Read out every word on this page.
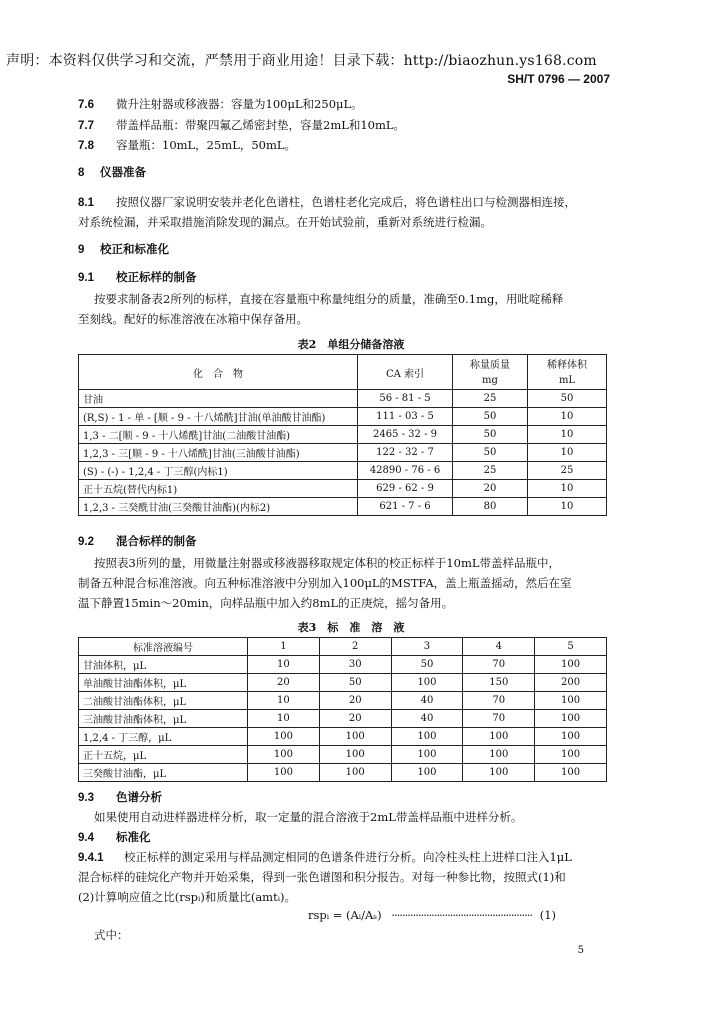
声明：本资料仅供学习和交流，严禁用于商业用途！目录下载：http://biaozhun.ys168.com
SH/T 0796 — 2007
7.6 微升注射器或移液器：容量为100μL和250μL。
7.7 带盖样品瓶：带聚四氟乙烯密封垫，容量2mL和10mL。
7.8 容量瓶：10mL，25mL，50mL。
8 仪器准备
8.1 按照仪器厂家说明安装并老化色谱柱，色谱柱老化完成后，将色谱柱出口与检测器相连接，
对系统检漏，并采取措施消除发现的漏点。在开始试验前，重新对系统进行检漏。
9 校正和标准化
9.1 校正标样的制备
按要求制备表2所列的标样，直接在容量瓶中称量纯组分的质量，准确至0.1mg，用吡啶稀释
至刻线。配好的标准溶液在冰箱中保存备用。
表2　单组分储备溶液
化　合　物	CA 索引	称量质量	稀释体积
		mg	mL
甘油	56 - 81 - 5	25	50
(R,S) - 1 - 单 - [顺 - 9 - 十八烯酰]甘油(单油酸甘油酯)	111 - 03 - 5	50	10
1,3 - 二[顺 - 9 - 十八烯酰]甘油(二油酸甘油酯)	2465 - 32 - 9	50	10
1,2,3 - 三[顺 - 9 - 十八烯酰]甘油(三油酸甘油酯)	122 - 32 - 7	50	10
(S) - (-) - 1,2,4 - 丁三醇(内标1)	42890 - 76 - 6	25	25
正十五烷(替代内标1)	629 - 62 - 9	20	10
1,2,3 - 三癸酰甘油(三癸酸甘油酯)(内标2)	621 - 7 - 6	80	10
9.2 混合标样的制备
按照表3所列的量，用微量注射器或移液器移取规定体积的校正标样于10mL带盖样品瓶中，
制备五种混合标准溶液。向五种标准溶液中分别加入100μL的MSTFA，盖上瓶盖摇动，然后在室
温下静置15min～20min，向样品瓶中加入约8mL的正庚烷，摇匀备用。
表3　标　准　溶　液
标准溶液编号	1	2	3	4	5
甘油体积，μL	10	30	50	70	100
单油酸甘油酯体积，μL	20	50	100	150	200
二油酸甘油酯体积，μL	10	20	40	70	100
三油酸甘油酯体积，μL	10	20	40	70	100
1,2,4 - 丁三醇，μL	100	100	100	100	100
正十五烷，μL	100	100	100	100	100
三癸酸甘油酯，μL	100	100	100	100	100
9.3 色谱分析
如果使用自动进样器进样分析，取一定量的混合溶液于2mL带盖样品瓶中进样分析。
9.4 标准化
9.4.1 校正标样的测定采用与样品测定相同的色谱条件进行分析。向冷柱头柱上进样口注入1μL
混合标样的硅烷化产物并开始采集，得到一张色谱图和积分报告。对每一种参比物，按照式(1)和
(2)计算响应值之比(rspᵢ)和质量比(amtᵢ)。
rspᵢ = (Aᵢ/Aₛ) ····················································· (1)
式中：
5
